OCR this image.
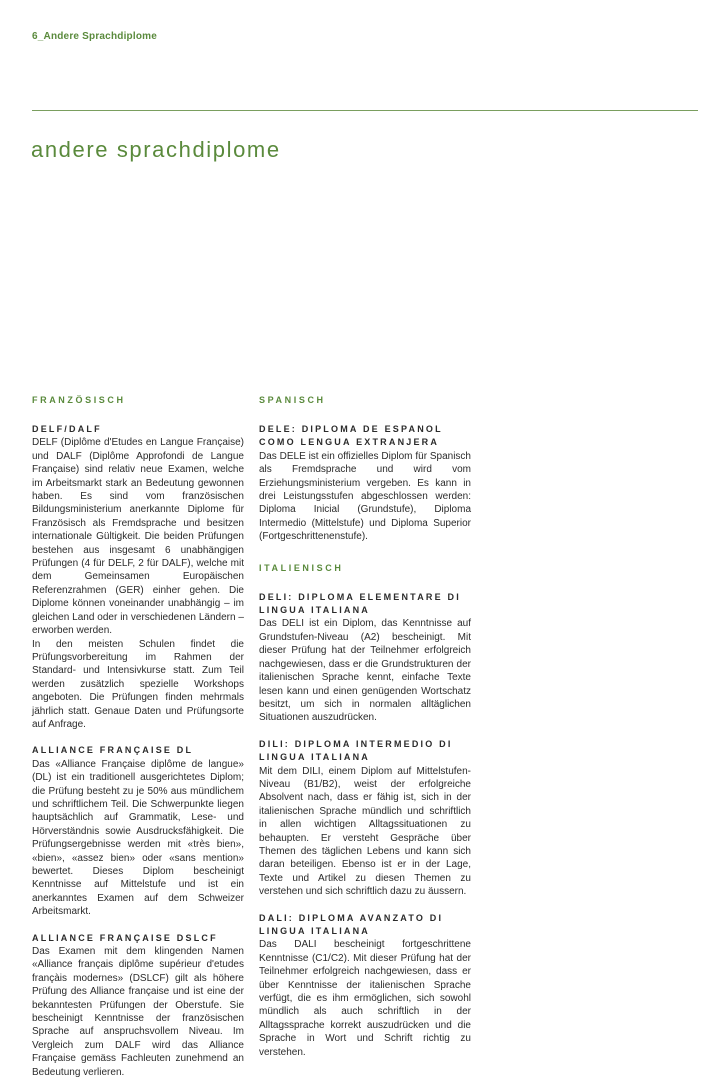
6_Andere Sprachdiplome
andere sprachdiplome
FRANZÖSISCH
DELF/DALF

DELF (Diplôme d'Etudes en Langue Française) und DALF (Diplôme Approfondi de Langue Française) sind relativ neue Examen, welche im Arbeitsmarkt stark an Bedeutung gewonnen haben. Es sind vom französischen Bildungsministerium anerkannte Diplome für Französisch als Fremdsprache und besitzen internationale Gültigkeit. Die beiden Prüfungen bestehen aus insgesamt 6 unabhängigen Prüfungen (4 für DELF, 2 für DALF), welche mit dem Gemeinsamen Europäischen Referenzrahmen (GER) einher gehen. Die Diplome können voneinander unabhängig – im gleichen Land oder in verschiedenen Ländern – erworben werden.

In den meisten Schulen findet die Prüfungsvorbereitung im Rahmen der Standard- und Intensivkurse statt. Zum Teil werden zusätzlich spezielle Workshops angeboten. Die Prüfungen finden mehrmals jährlich statt. Genaue Daten und Prüfungsorte auf Anfrage.

ALLIANCE FRANÇAISE DL

Das «Alliance Française diplôme de langue» (DL) ist ein traditionell ausgerichtetes Diplom; die Prüfung besteht zu je 50% aus mündlichem und schriftlichem Teil. Die Schwerpunkte liegen hauptsächlich auf Grammatik, Lese- und Hörverständnis sowie Ausdrucksfähigkeit. Die Prüfungsergebnisse werden mit «très bien», «bien», «assez bien» oder «sans mention» bewertet. Dieses Diplom bescheinigt Kenntnisse auf Mittelstufe und ist ein anerkanntes Examen auf dem Schweizer Arbeitsmarkt.

ALLIANCE FRANÇAISE DSLCF

Das Examen mit dem klingenden Namen «Alliance français diplôme supérieur d'etudes françàis modernes» (DSLCF) gilt als höhere Prüfung des Alliance française und ist eine der bekanntesten Prüfungen der Oberstufe. Sie bescheinigt Kenntnisse der französischen Sprache auf anspruchsvollem Niveau. Im Vergleich zum DALF wird das Alliance Française gemäss Fachleuten zunehmend an Bedeutung verlieren.

SPANISCH
DELE: DIPLOMA DE ESPANOL COMO LENGUA EXTRANJERA

Das DELE ist ein offizielles Diplom für Spanisch als Fremdsprache und wird vom Erziehungsministerium vergeben. Es kann in drei Leistungsstufen abgeschlossen werden: Diploma Inicial (Grundstufe), Diploma Intermedio (Mittelstufe) und Diploma Superior (Fortgeschrittenenstufe).

ITALIENISCH
DELI: DIPLOMA ELEMENTARE DI LINGUA ITALIANA

Das DELI ist ein Diplom, das Kenntnisse auf Grundstufen-Niveau (A2) bescheinigt. Mit dieser Prüfung hat der Teilnehmer erfolgreich nachgewiesen, dass er die Grundstrukturen der italienischen Sprache kennt, einfache Texte lesen kann und einen genügenden Wortschatz besitzt, um sich in normalen alltäglichen Situationen auszudrücken.

DILI: DIPLOMA INTERMEDIO DI LINGUA ITALIANA

Mit dem DILI, einem Diplom auf Mittelstufen-Niveau (B1/B2), weist der erfolgreiche Absolvent nach, dass er fähig ist, sich in der italienischen Sprache mündlich und schriftlich in allen wichtigen Alltagssituationen zu behaupten. Er versteht Gespräche über Themen des täglichen Lebens und kann sich daran beteiligen. Ebenso ist er in der Lage, Texte und Artikel zu diesen Themen zu verstehen und sich schriftlich dazu zu äussern.

DALI: DIPLOMA AVANZATO DI LINGUA ITALIANA

Das DALI bescheinigt fortgeschrittene Kenntnisse (C1/C2). Mit dieser Prüfung hat der Teilnehmer erfolgreich nachgewiesen, dass er über Kenntnisse der italienischen Sprache verfügt, die es ihm ermöglichen, sich sowohl mündlich als auch schriftlich in der Alltagssprache korrekt auszudrücken und die Sprache in Wort und Schrift richtig zu verstehen.
